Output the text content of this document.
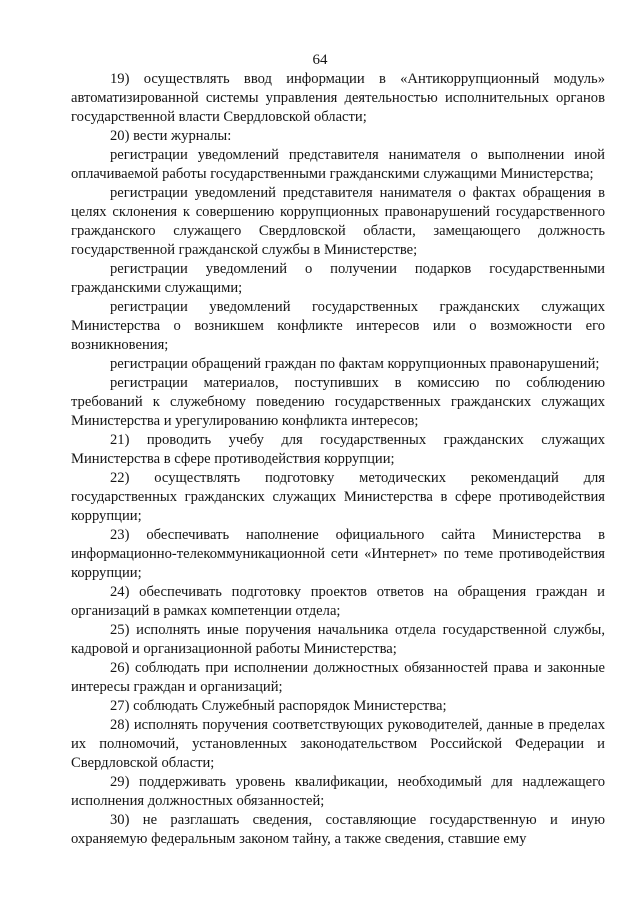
64

19) осуществлять ввод информации в «Антикоррупционный модуль» автоматизированной системы управления деятельностью исполнительных органов государственной власти Свердловской области;

20) вести журналы:

регистрации уведомлений представителя нанимателя о выполнении иной оплачиваемой работы государственными гражданскими служащими Министерства;

регистрации уведомлений представителя нанимателя о фактах обращения в целях склонения к совершению коррупционных правонарушений государственного гражданского служащего Свердловской области, замещающего должность государственной гражданской службы в Министерстве;

регистрации уведомлений о получении подарков государственными гражданскими служащими;

регистрации уведомлений государственных гражданских служащих Министерства о возникшем конфликте интересов или о возможности его возникновения;

регистрации обращений граждан по фактам коррупционных правонарушений;

регистрации материалов, поступивших в комиссию по соблюдению требований к служебному поведению государственных гражданских служащих Министерства и урегулированию конфликта интересов;

21) проводить учебу для государственных гражданских служащих Министерства в сфере противодействия коррупции;

22) осуществлять подготовку методических рекомендаций для государственных гражданских служащих Министерства в сфере противодействия коррупции;

23) обеспечивать наполнение официального сайта Министерства в информационно-телекоммуникационной сети «Интернет» по теме противодействия коррупции;

24) обеспечивать подготовку проектов ответов на обращения граждан и организаций в рамках компетенции отдела;

25) исполнять иные поручения начальника отдела государственной службы, кадровой и организационной работы Министерства;

26) соблюдать при исполнении должностных обязанностей права и законные интересы граждан и организаций;

27) соблюдать Служебный распорядок Министерства;

28) исполнять поручения соответствующих руководителей, данные в пределах их полномочий, установленных законодательством Российской Федерации и Свердловской области;

29) поддерживать уровень квалификации, необходимый для надлежащего исполнения должностных обязанностей;

30) не разглашать сведения, составляющие государственную и иную охраняемую федеральным законом тайну, а также сведения, ставшие ему
